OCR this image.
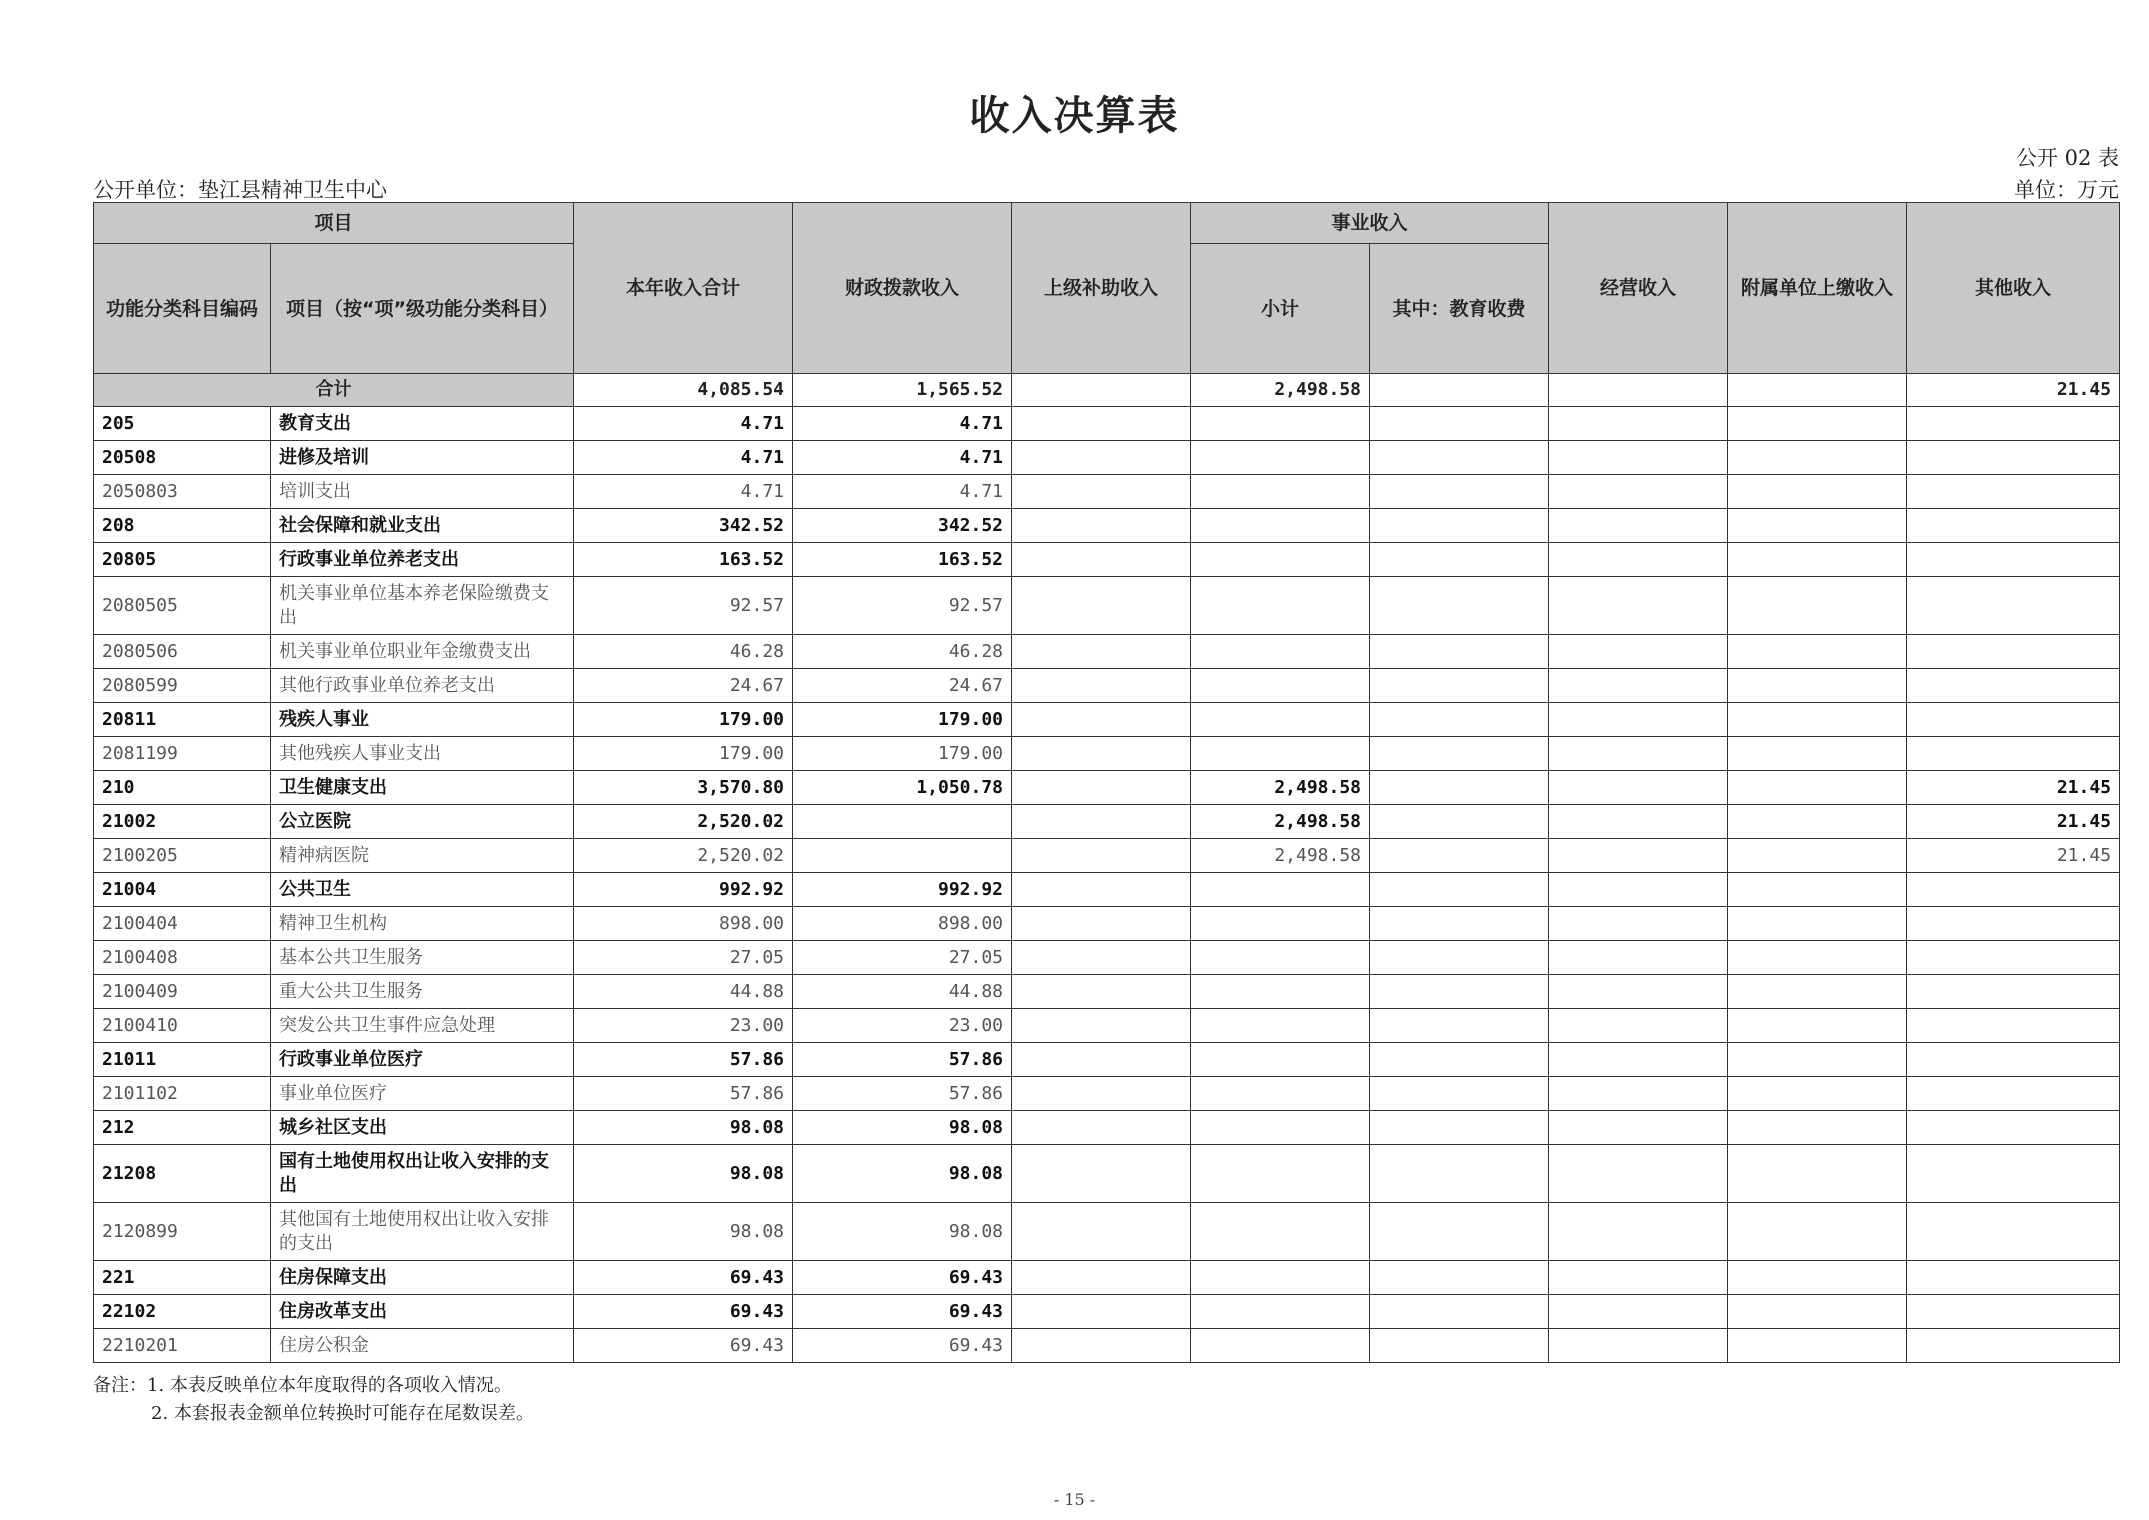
收入决算表
公开 02 表
公开单位：垫江县精神卫生中心	单位：万元
项目		本年收入合计	财政拨款收入	上级补助收入	事业收入		经营收入	附属单位上缴收入	其他收入
功能分类科目编码	项目（按“项”级功能分类科目）				小计	其中：教育收费			
合计		4,085.54	1,565.52		2,498.58				21.45
205	教育支出	4.71	4.71						
20508	进修及培训	4.71	4.71						
2050803	培训支出	4.71	4.71						
208	社会保障和就业支出	342.52	342.52						
20805	行政事业单位养老支出	163.52	163.52						
2080505	机关事业单位基本养老保险缴费支出	92.57	92.57						
2080506	机关事业单位职业年金缴费支出	46.28	46.28						
2080599	其他行政事业单位养老支出	24.67	24.67						
20811	残疾人事业	179.00	179.00						
2081199	其他残疾人事业支出	179.00	179.00						
210	卫生健康支出	3,570.80	1,050.78		2,498.58				21.45
21002	公立医院	2,520.02			2,498.58				21.45
2100205	精神病医院	2,520.02			2,498.58				21.45
21004	公共卫生	992.92	992.92						
2100404	精神卫生机构	898.00	898.00						
2100408	基本公共卫生服务	27.05	27.05						
2100409	重大公共卫生服务	44.88	44.88						
2100410	突发公共卫生事件应急处理	23.00	23.00						
21011	行政事业单位医疗	57.86	57.86						
2101102	事业单位医疗	57.86	57.86						
212	城乡社区支出	98.08	98.08						
21208	国有土地使用权出让收入安排的支出	98.08	98.08						
2120899	其他国有土地使用权出让收入安排的支出	98.08	98.08						
221	住房保障支出	69.43	69.43						
22102	住房改革支出	69.43	69.43						
2210201	住房公积金	69.43	69.43						
备注：1. 本表反映单位本年度取得的各项收入情况。
2. 本套报表金额单位转换时可能存在尾数误差。
- 15 -
